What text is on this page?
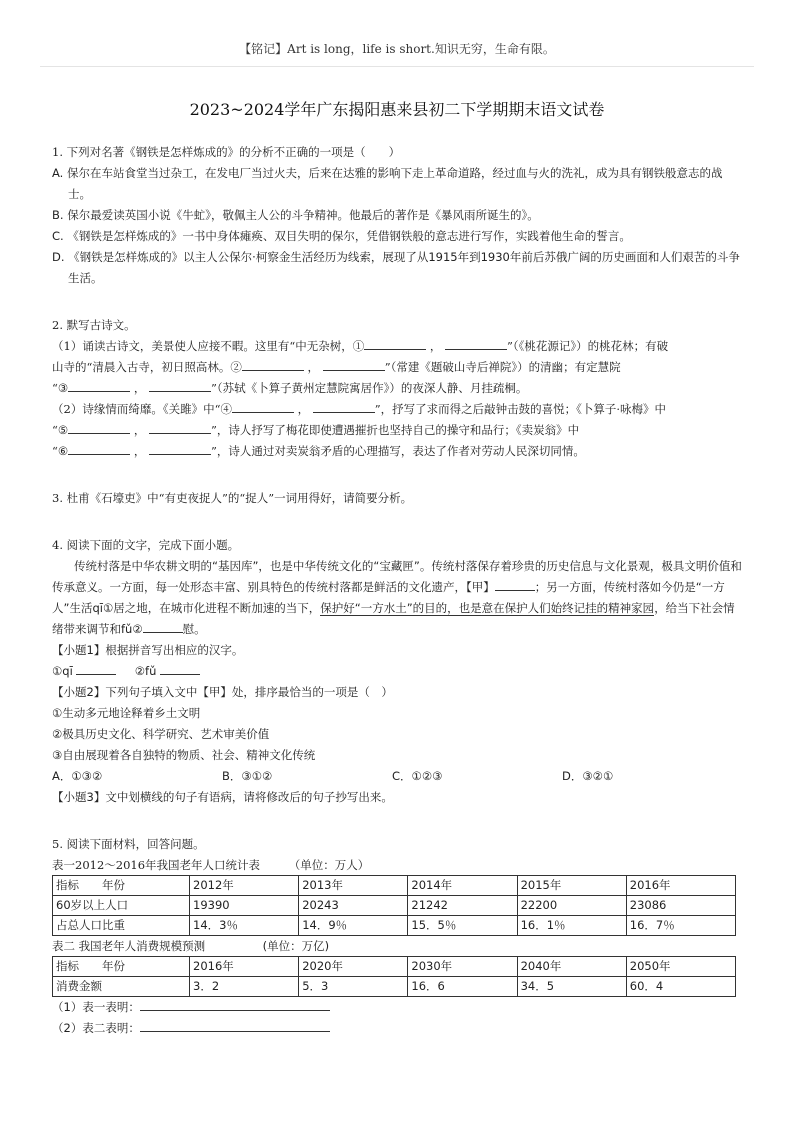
【铭记】Art is long，life is short.知识无穷，生命有限。
2023~2024学年广东揭阳惠来县初二下学期期末语文试卷
1. 下列对名著《钢铁是怎样炼成的》的分析不正确的一项是（　　）
A. 保尔在车站食堂当过杂工，在发电厂当过火夫，后来在达雅的影响下走上革命道路，经过血与火的洗礼，成为具有钢铁般意志的战士。
B. 保尔最爱读英国小说《牛虻》，敬佩主人公的斗争精神。他最后的著作是《暴风雨所诞生的》。
C. 《钢铁是怎样炼成的》一书中身体瘫痪、双目失明的保尔，凭借钢铁般的意志进行写作，实践着他生命的誓言。
D. 《钢铁是怎样炼成的》以主人公保尔·柯察金生活经历为线索，展现了从1915年到1930年前后苏俄广阔的历史画面和人们艰苦的斗争生活。
2. 默写古诗文。
（1）诵读古诗文，美景使人应接不暇。这里有“中无杂树，①	，	”（《桃花源记》）的桃花林；有破
山寺的“清晨入古寺，初日照高林。②	，	”（常建《题破山寺后禅院》）的清幽；有定慧院
“③	，	”（苏轼《卜算子黄州定慧院寓居作》）的夜深人静、月挂疏桐。
（2）诗缘情而绮靡。《关雎》中“④	，	”，抒写了求而得之后敲钟击鼓的喜悦；《卜算子·咏梅》中
“⑤	，	”，诗人抒写了梅花即使遭遇摧折也坚持自己的操守和品行；《卖炭翁》中
“⑥	，	”，诗人通过对卖炭翁矛盾的心理描写，表达了作者对劳动人民深切同情。
3. 杜甫《石壕吏》中“有吏夜捉人”的“捉人”一词用得好，请简要分析。
4. 阅读下面的文字，完成下面小题。
传统村落是中华农耕文明的“基因库”，也是中华传统文化的“宝藏匣”。传统村落保存着珍贵的历史信息与文化景观，极具文明价值和传承意义。一方面，每一处形态丰富、别具特色的传统村落都是鲜活的文化遗产，【甲】	；另一方面，传统村落如今仍是“一方人”生活qī①居之地，在城市化进程不断加速的当下，保护好“一方水土”的目的，也是意在保护人们始终记挂的精神家园，给当下社会情绪带来调节和fǔ②	慰。
【小题1】根据拼音写出相应的汉字。
①qī	②fǔ
【小题2】下列句子填入文中【甲】处，排序最恰当的一项是（　）
①生动多元地诠释着乡土文明
②极具历史文化、科学研究、艺术审美价值
③自由展现着各自独特的物质、社会、精神文化传统
A．①③②	B．③①②	C．①②③	D．③②①
【小题3】文中划横线的句子有语病，请将修改后的句子抄写出来。
5. 阅读下面材料，回答问题。
表一2012～2016年我国老年人口统计表　　　（单位：万人）
指标　　年份	2012年	2013年	2014年	2015年	2016年
60岁以上人口	19390	20243	21242	22200	23086
占总人口比重	14．3％	14．9％	15．5％	16．1％	16．7％
表二 我国老年人消费规模预测　　　　　(单位：万亿)
指标　　年份	2016年	2020年	2030年	2040年	2050年
消费金额	3．2	5．3	16．6	34．5	60．4
（1）表一表明：
（2）表二表明：
